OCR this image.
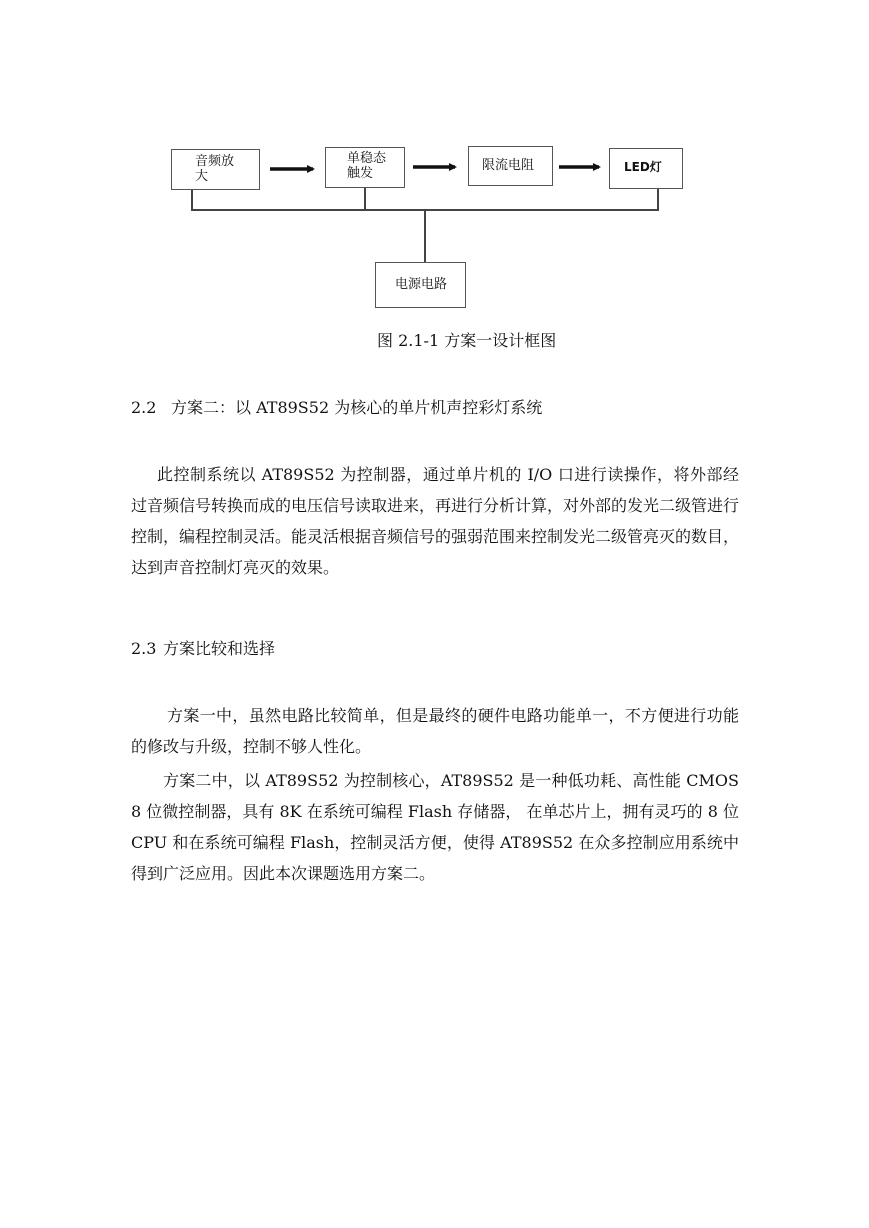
音频放
大
单稳态
触发
限流电阻	LED灯
电源电路
图 2.1-1 方案一设计框图
2.2 方案二：以 AT89S52 为核心的单片机声控彩灯系统
此控制系统以 AT89S52 为控制器，通过单片机的 I/O 口进行读操作，将外部经过音频信号转换而成的电压信号读取进来，再进行分析计算，对外部的发光二级管进行控制，编程控制灵活。能灵活根据音频信号的强弱范围来控制发光二级管亮灭的数目，达到声音控制灯亮灭的效果。
2.3 方案比较和选择
方案一中，虽然电路比较简单，但是最终的硬件电路功能单一，不方便进行功能的修改与升级，控制不够人性化。
方案二中，以 AT89S52 为控制核心，AT89S52 是一种低功耗、高性能 CMOS 8 位微控制器，具有 8K 在系统可编程 Flash 存储器， 在单芯片上，拥有灵巧的 8 位 CPU 和在系统可编程 Flash，控制灵活方便，使得 AT89S52 在众多控制应用系统中得到广泛应用。因此本次课题选用方案二。
